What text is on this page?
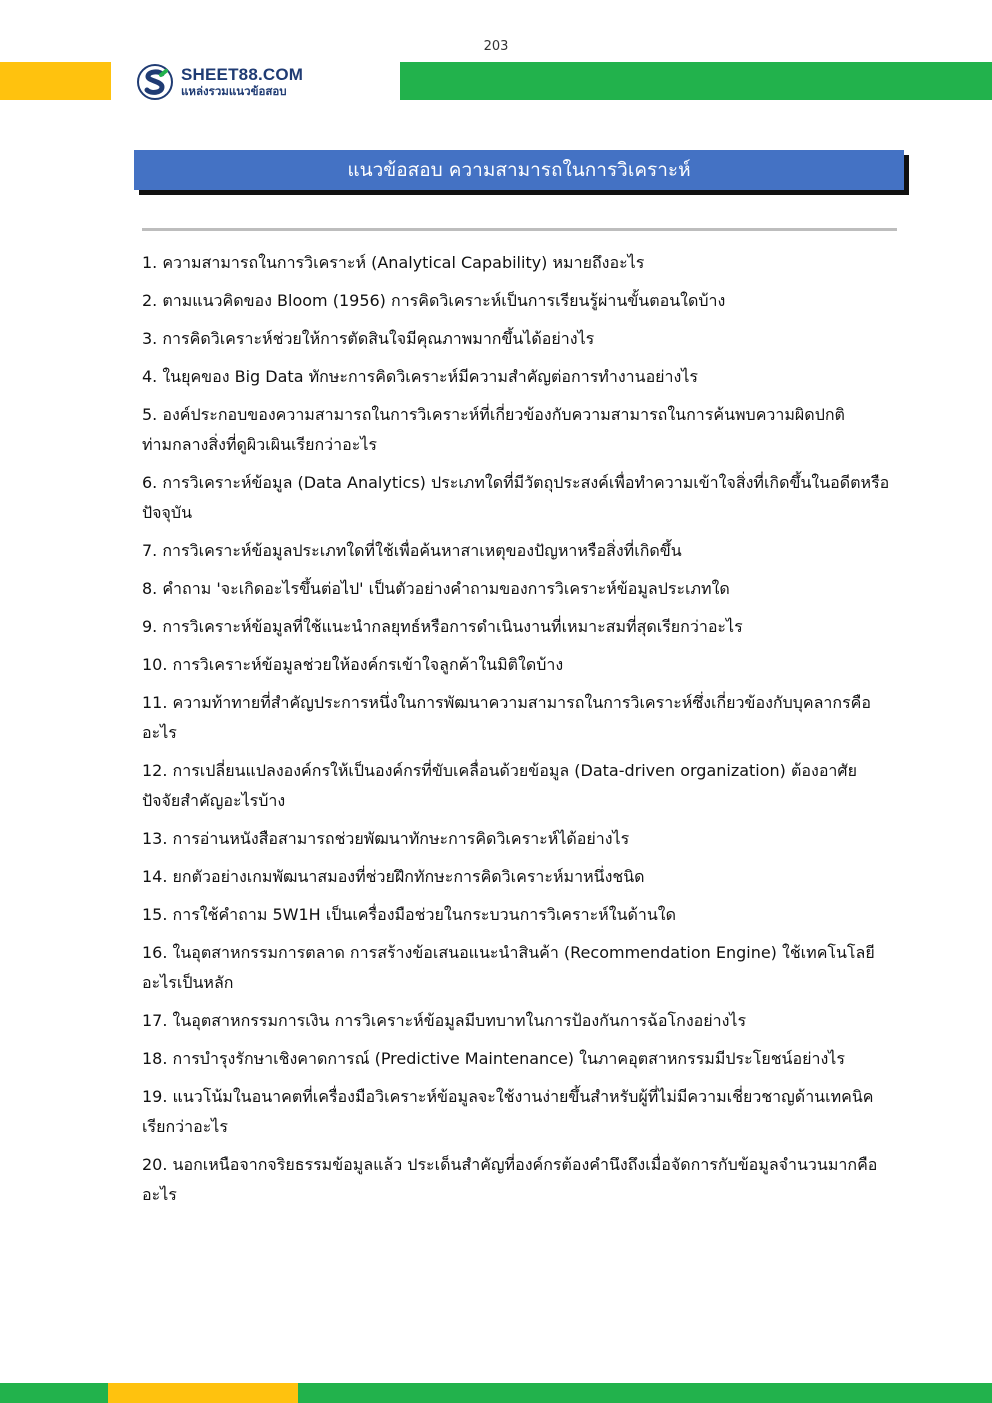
203
SHEET88.COM
แหล่งรวมแนวข้อสอบ
แนวข้อสอบ ความสามารถในการวิเคราะห์
1. ความสามารถในการวิเคราะห์ (Analytical Capability) หมายถึงอะไร
2. ตามแนวคิดของ Bloom (1956) การคิดวิเคราะห์เป็นการเรียนรู้ผ่านขั้นตอนใดบ้าง
3. การคิดวิเคราะห์ช่วยให้การตัดสินใจมีคุณภาพมากขึ้นได้อย่างไร
4. ในยุคของ Big Data ทักษะการคิดวิเคราะห์มีความสำคัญต่อการทำงานอย่างไร
5. องค์ประกอบของความสามารถในการวิเคราะห์ที่เกี่ยวข้องกับความสามารถในการค้นพบความผิดปกติท่ามกลางสิ่งที่ดูผิวเผินเรียกว่าอะไร
6. การวิเคราะห์ข้อมูล (Data Analytics) ประเภทใดที่มีวัตถุประสงค์เพื่อทำความเข้าใจสิ่งที่เกิดขึ้นในอดีตหรือปัจจุบัน
7. การวิเคราะห์ข้อมูลประเภทใดที่ใช้เพื่อค้นหาสาเหตุของปัญหาหรือสิ่งที่เกิดขึ้น
8. คำถาม 'จะเกิดอะไรขึ้นต่อไป' เป็นตัวอย่างคำถามของการวิเคราะห์ข้อมูลประเภทใด
9. การวิเคราะห์ข้อมูลที่ใช้แนะนำกลยุทธ์หรือการดำเนินงานที่เหมาะสมที่สุดเรียกว่าอะไร
10. การวิเคราะห์ข้อมูลช่วยให้องค์กรเข้าใจลูกค้าในมิติใดบ้าง
11. ความท้าทายที่สำคัญประการหนึ่งในการพัฒนาความสามารถในการวิเคราะห์ซึ่งเกี่ยวข้องกับบุคลากรคืออะไร
12. การเปลี่ยนแปลงองค์กรให้เป็นองค์กรที่ขับเคลื่อนด้วยข้อมูล (Data-driven organization) ต้องอาศัยปัจจัยสำคัญอะไรบ้าง
13. การอ่านหนังสือสามารถช่วยพัฒนาทักษะการคิดวิเคราะห์ได้อย่างไร
14. ยกตัวอย่างเกมพัฒนาสมองที่ช่วยฝึกทักษะการคิดวิเคราะห์มาหนึ่งชนิด
15. การใช้คำถาม 5W1H เป็นเครื่องมือช่วยในกระบวนการวิเคราะห์ในด้านใด
16. ในอุตสาหกรรมการตลาด การสร้างข้อเสนอแนะนำสินค้า (Recommendation Engine) ใช้เทคโนโลยีอะไรเป็นหลัก
17. ในอุตสาหกรรมการเงิน การวิเคราะห์ข้อมูลมีบทบาทในการป้องกันการฉ้อโกงอย่างไร
18. การบำรุงรักษาเชิงคาดการณ์ (Predictive Maintenance) ในภาคอุตสาหกรรมมีประโยชน์อย่างไร
19. แนวโน้มในอนาคตที่เครื่องมือวิเคราะห์ข้อมูลจะใช้งานง่ายขึ้นสำหรับผู้ที่ไม่มีความเชี่ยวชาญด้านเทคนิคเรียกว่าอะไร
20. นอกเหนือจากจริยธรรมข้อมูลแล้ว ประเด็นสำคัญที่องค์กรต้องคำนึงถึงเมื่อจัดการกับข้อมูลจำนวนมากคืออะไร
